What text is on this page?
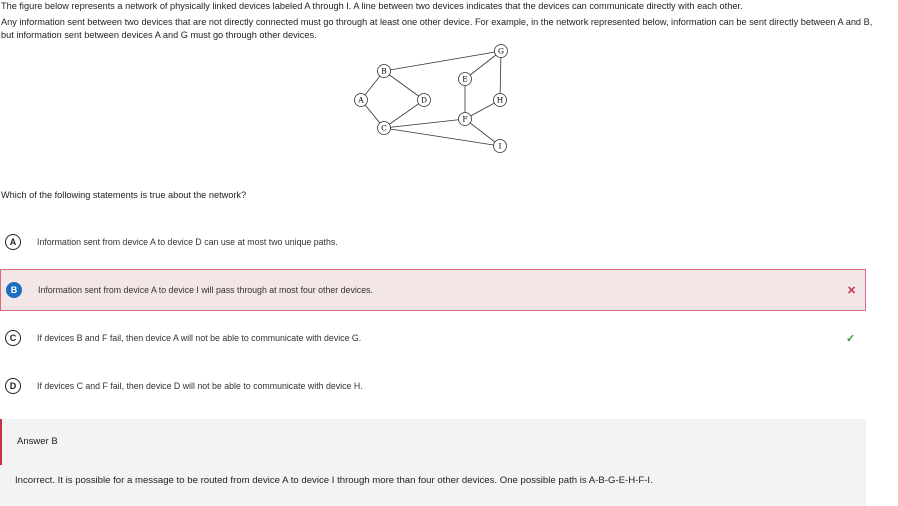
The figure below represents a network of physically linked devices labeled A through I. A line between two devices indicates that the devices can communicate directly with each other.

Any information sent between two devices that are not directly connected must go through at least one other device. For example, in the network represented below, information can be sent directly between A and B, but information sent between devices A and G must go through other devices.

A
B
C
D
E
F
G
H
I
Which of the following statements is true about the network?
A	Information sent from device A to device D can use at most two unique paths.
B	Information sent from device A to device I will pass through at most four other devices.	✕
C	If devices B and F fail, then device A will not be able to communicate with device G.	✓
D	If devices C and F fail, then device D will not be able to communicate with device H.
Answer B
Incorrect. It is possible for a message to be routed from device A to device I through more than four other devices. One possible path is A-B-G-E-H-F-I.
